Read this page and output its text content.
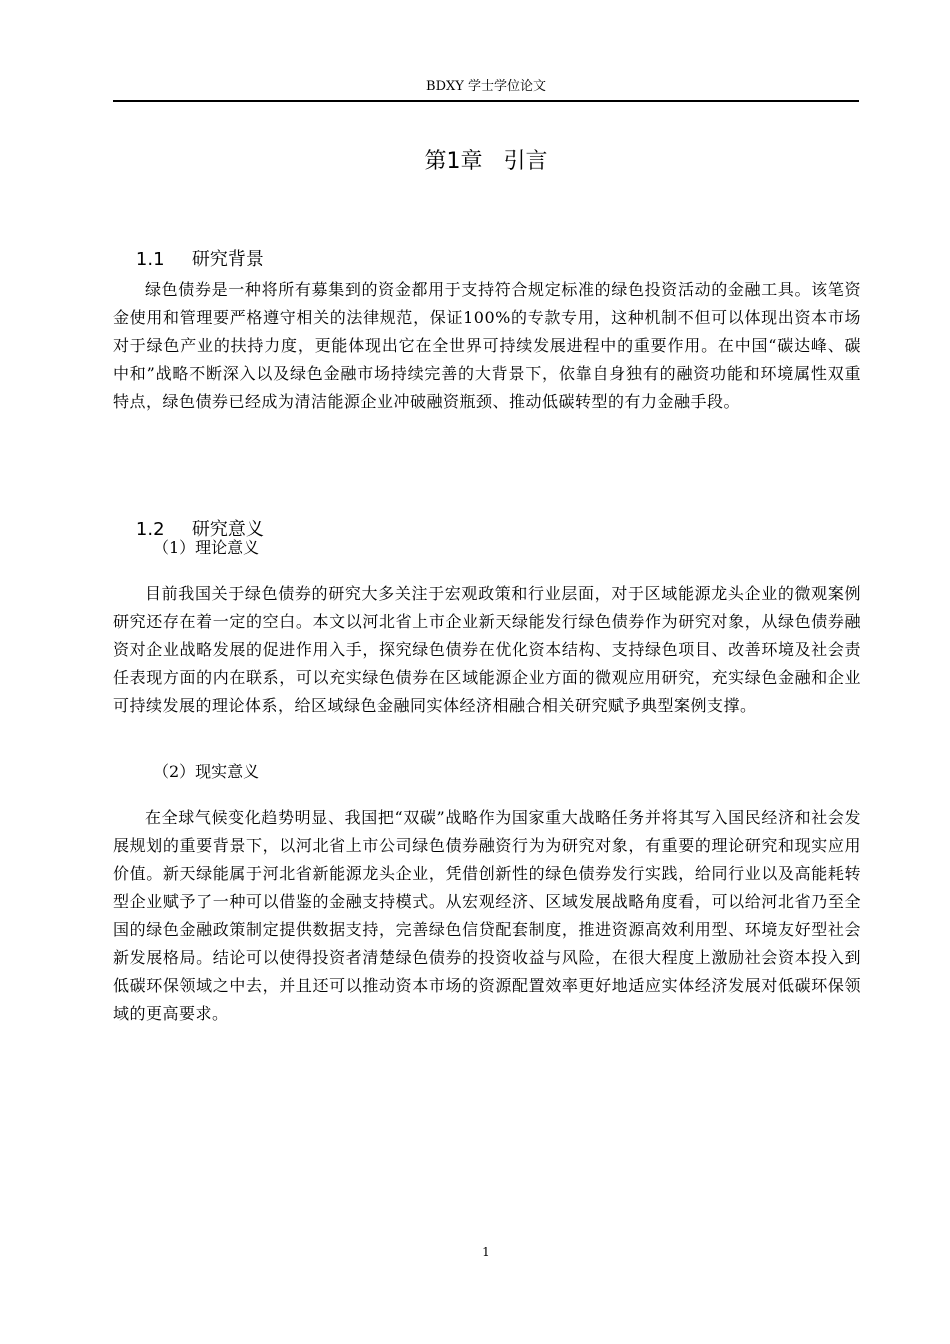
BDXY 学士学位论文
第1章   引言

1.1 研究背景

绿色债券是一种将所有募集到的资金都用于支持符合规定标准的绿色投资活动的金融工具。该笔资金使用和管理要严格遵守相关的法律规范，保证100%的专款专用，这种机制不但可以体现出资本市场对于绿色产业的扶持力度，更能体现出它在全世界可持续发展进程中的重要作用。在中国“碳达峰、碳中和”战略不断深入以及绿色金融市场持续完善的大背景下，依靠自身独有的融资功能和环境属性双重特点，绿色债券已经成为清洁能源企业冲破融资瓶颈、推动低碳转型的有力金融手段。

1.2 研究意义

（1）理论意义

目前我国关于绿色债券的研究大多关注于宏观政策和行业层面，对于区域能源龙头企业的微观案例研究还存在着一定的空白。本文以河北省上市企业新天绿能发行绿色债券作为研究对象，从绿色债券融资对企业战略发展的促进作用入手，探究绿色债券在优化资本结构、支持绿色项目、改善环境及社会责任表现方面的内在联系，可以充实绿色债券在区域能源企业方面的微观应用研究，充实绿色金融和企业可持续发展的理论体系，给区域绿色金融同实体经济相融合相关研究赋予典型案例支撑。

（2）现实意义

在全球气候变化趋势明显、我国把“双碳”战略作为国家重大战略任务并将其写入国民经济和社会发展规划的重要背景下，以河北省上市公司绿色债券融资行为为研究对象，有重要的理论研究和现实应用价值。新天绿能属于河北省新能源龙头企业，凭借创新性的绿色债券发行实践，给同行业以及高能耗转型企业赋予了一种可以借鉴的金融支持模式。从宏观经济、区域发展战略角度看，可以给河北省乃至全国的绿色金融政策制定提供数据支持，完善绿色信贷配套制度，推进资源高效利用型、环境友好型社会新发展格局。结论可以使得投资者清楚绿色债券的投资收益与风险，在很大程度上激励社会资本投入到低碳环保领域之中去，并且还可以推动资本市场的资源配置效率更好地适应实体经济发展对低碳环保领域的更高要求。

1
